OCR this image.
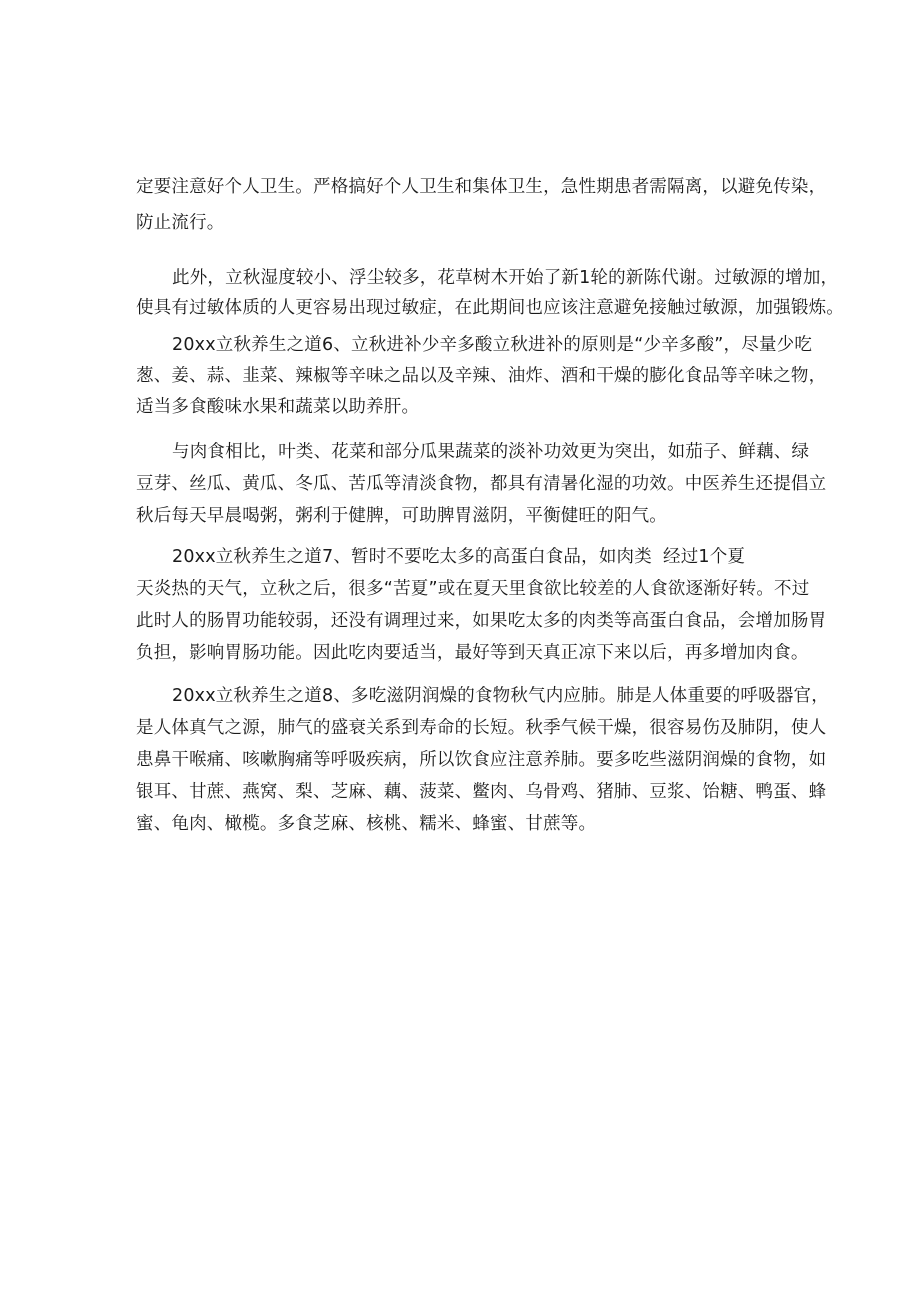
定要注意好个人卫生。严格搞好个人卫生和集体卫生，急性期患者需隔离，以避免传染，

防止流行。

此外，立秋湿度较小、浮尘较多，花草树木开始了新1轮的新陈代谢。过敏源的增加，

使具有过敏体质的人更容易出现过敏症，在此期间也应该注意避免接触过敏源，加强锻炼。

20xx立秋养生之道6、立秋进补少辛多酸立秋进补的原则是“少辛多酸”，尽量少吃

葱、姜、蒜、韭菜、辣椒等辛味之品以及辛辣、油炸、酒和干燥的膨化食品等辛味之物，

适当多食酸味水果和蔬菜以助养肝。

与肉食相比，叶类、花菜和部分瓜果蔬菜的淡补功效更为突出，如茄子、鲜藕、绿

豆芽、丝瓜、黄瓜、冬瓜、苦瓜等清淡食物，都具有清暑化湿的功效。中医养生还提倡立

秋后每天早晨喝粥，粥利于健脾，可助脾胃滋阴，平衡健旺的阳气。

20xx立秋养生之道7、暂时不要吃太多的高蛋白食品，如肉类 经过1个夏

天炎热的天气，立秋之后，很多“苦夏”或在夏天里食欲比较差的人食欲逐渐好转。不过

此时人的肠胃功能较弱，还没有调理过来，如果吃太多的肉类等高蛋白食品，会增加肠胃

负担，影响胃肠功能。因此吃肉要适当，最好等到天真正凉下来以后，再多增加肉食。

20xx立秋养生之道8、多吃滋阴润燥的食物秋气内应肺。肺是人体重要的呼吸器官，

是人体真气之源，肺气的盛衰关系到寿命的长短。秋季气候干燥，很容易伤及肺阴，使人

患鼻干喉痛、咳嗽胸痛等呼吸疾病，所以饮食应注意养肺。要多吃些滋阴润燥的食物，如

银耳、甘蔗、燕窝、梨、芝麻、藕、菠菜、鳖肉、乌骨鸡、猪肺、豆浆、饴糖、鸭蛋、蜂

蜜、龟肉、橄榄。多食芝麻、核桃、糯米、蜂蜜、甘蔗等。
